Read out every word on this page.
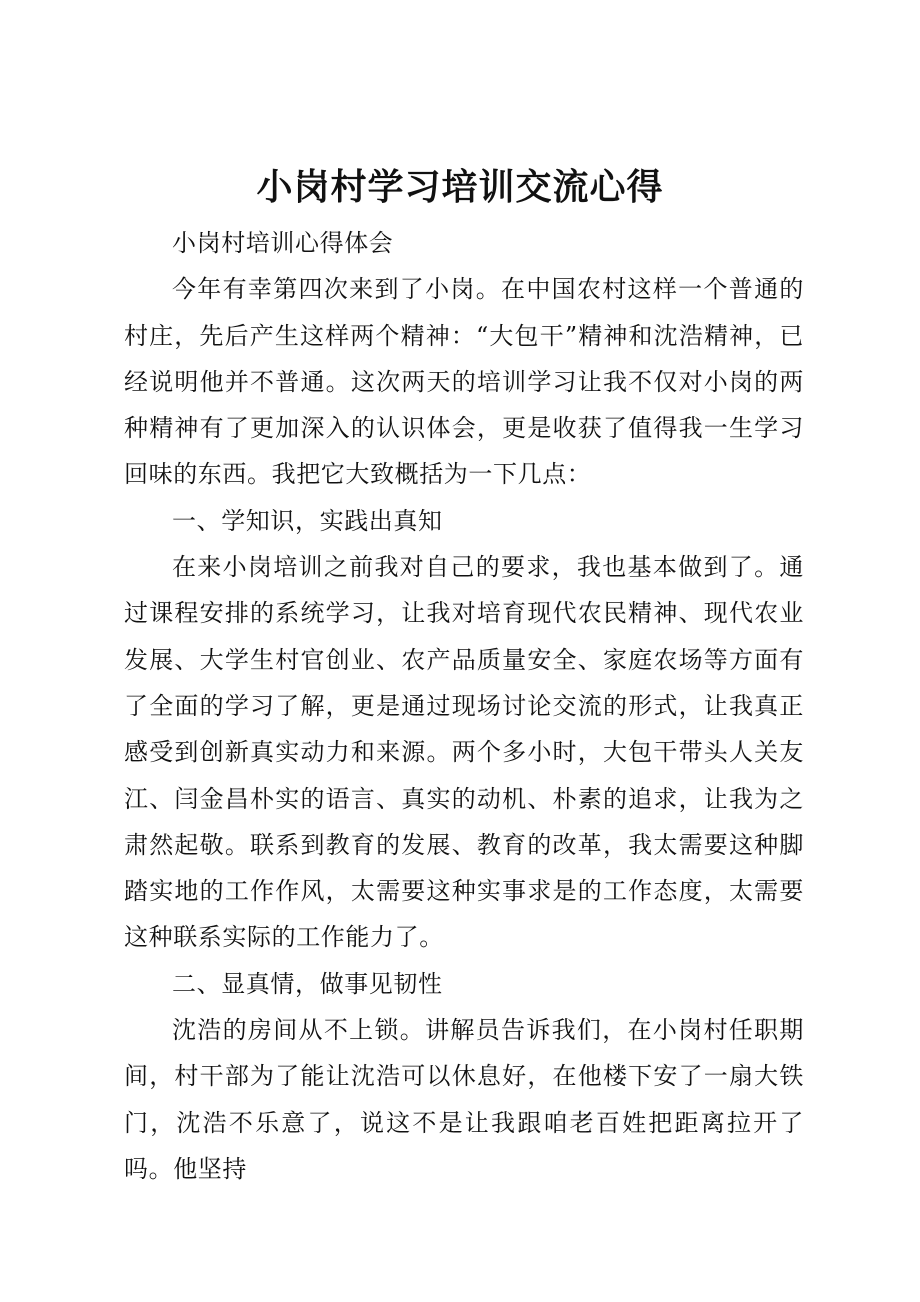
小岗村学习培训交流心得

小岗村培训心得体会

今年有幸第四次来到了小岗。在中国农村这样一个普通的村庄，先后产生这样两个精神：“大包干”精神和沈浩精神，已经说明他并不普通。这次两天的培训学习让我不仅对小岗的两种精神有了更加深入的认识体会，更是收获了值得我一生学习回味的东西。我把它大致概括为一下几点：

一、学知识，实践出真知

在来小岗培训之前我对自己的要求，我也基本做到了。通过课程安排的系统学习，让我对培育现代农民精神、现代农业发展、大学生村官创业、农产品质量安全、家庭农场等方面有了全面的学习了解，更是通过现场讨论交流的形式，让我真正感受到创新真实动力和来源。两个多小时，大包干带头人关友江、闫金昌朴实的语言、真实的动机、朴素的追求，让我为之肃然起敬。联系到教育的发展、教育的改革，我太需要这种脚踏实地的工作作风，太需要这种实事求是的工作态度，太需要这种联系实际的工作能力了。

二、显真情，做事见韧性

沈浩的房间从不上锁。讲解员告诉我们，在小岗村任职期间，村干部为了能让沈浩可以休息好，在他楼下安了一扇大铁门，沈浩不乐意了，说这不是让我跟咱老百姓把距离拉开了吗。他坚持
